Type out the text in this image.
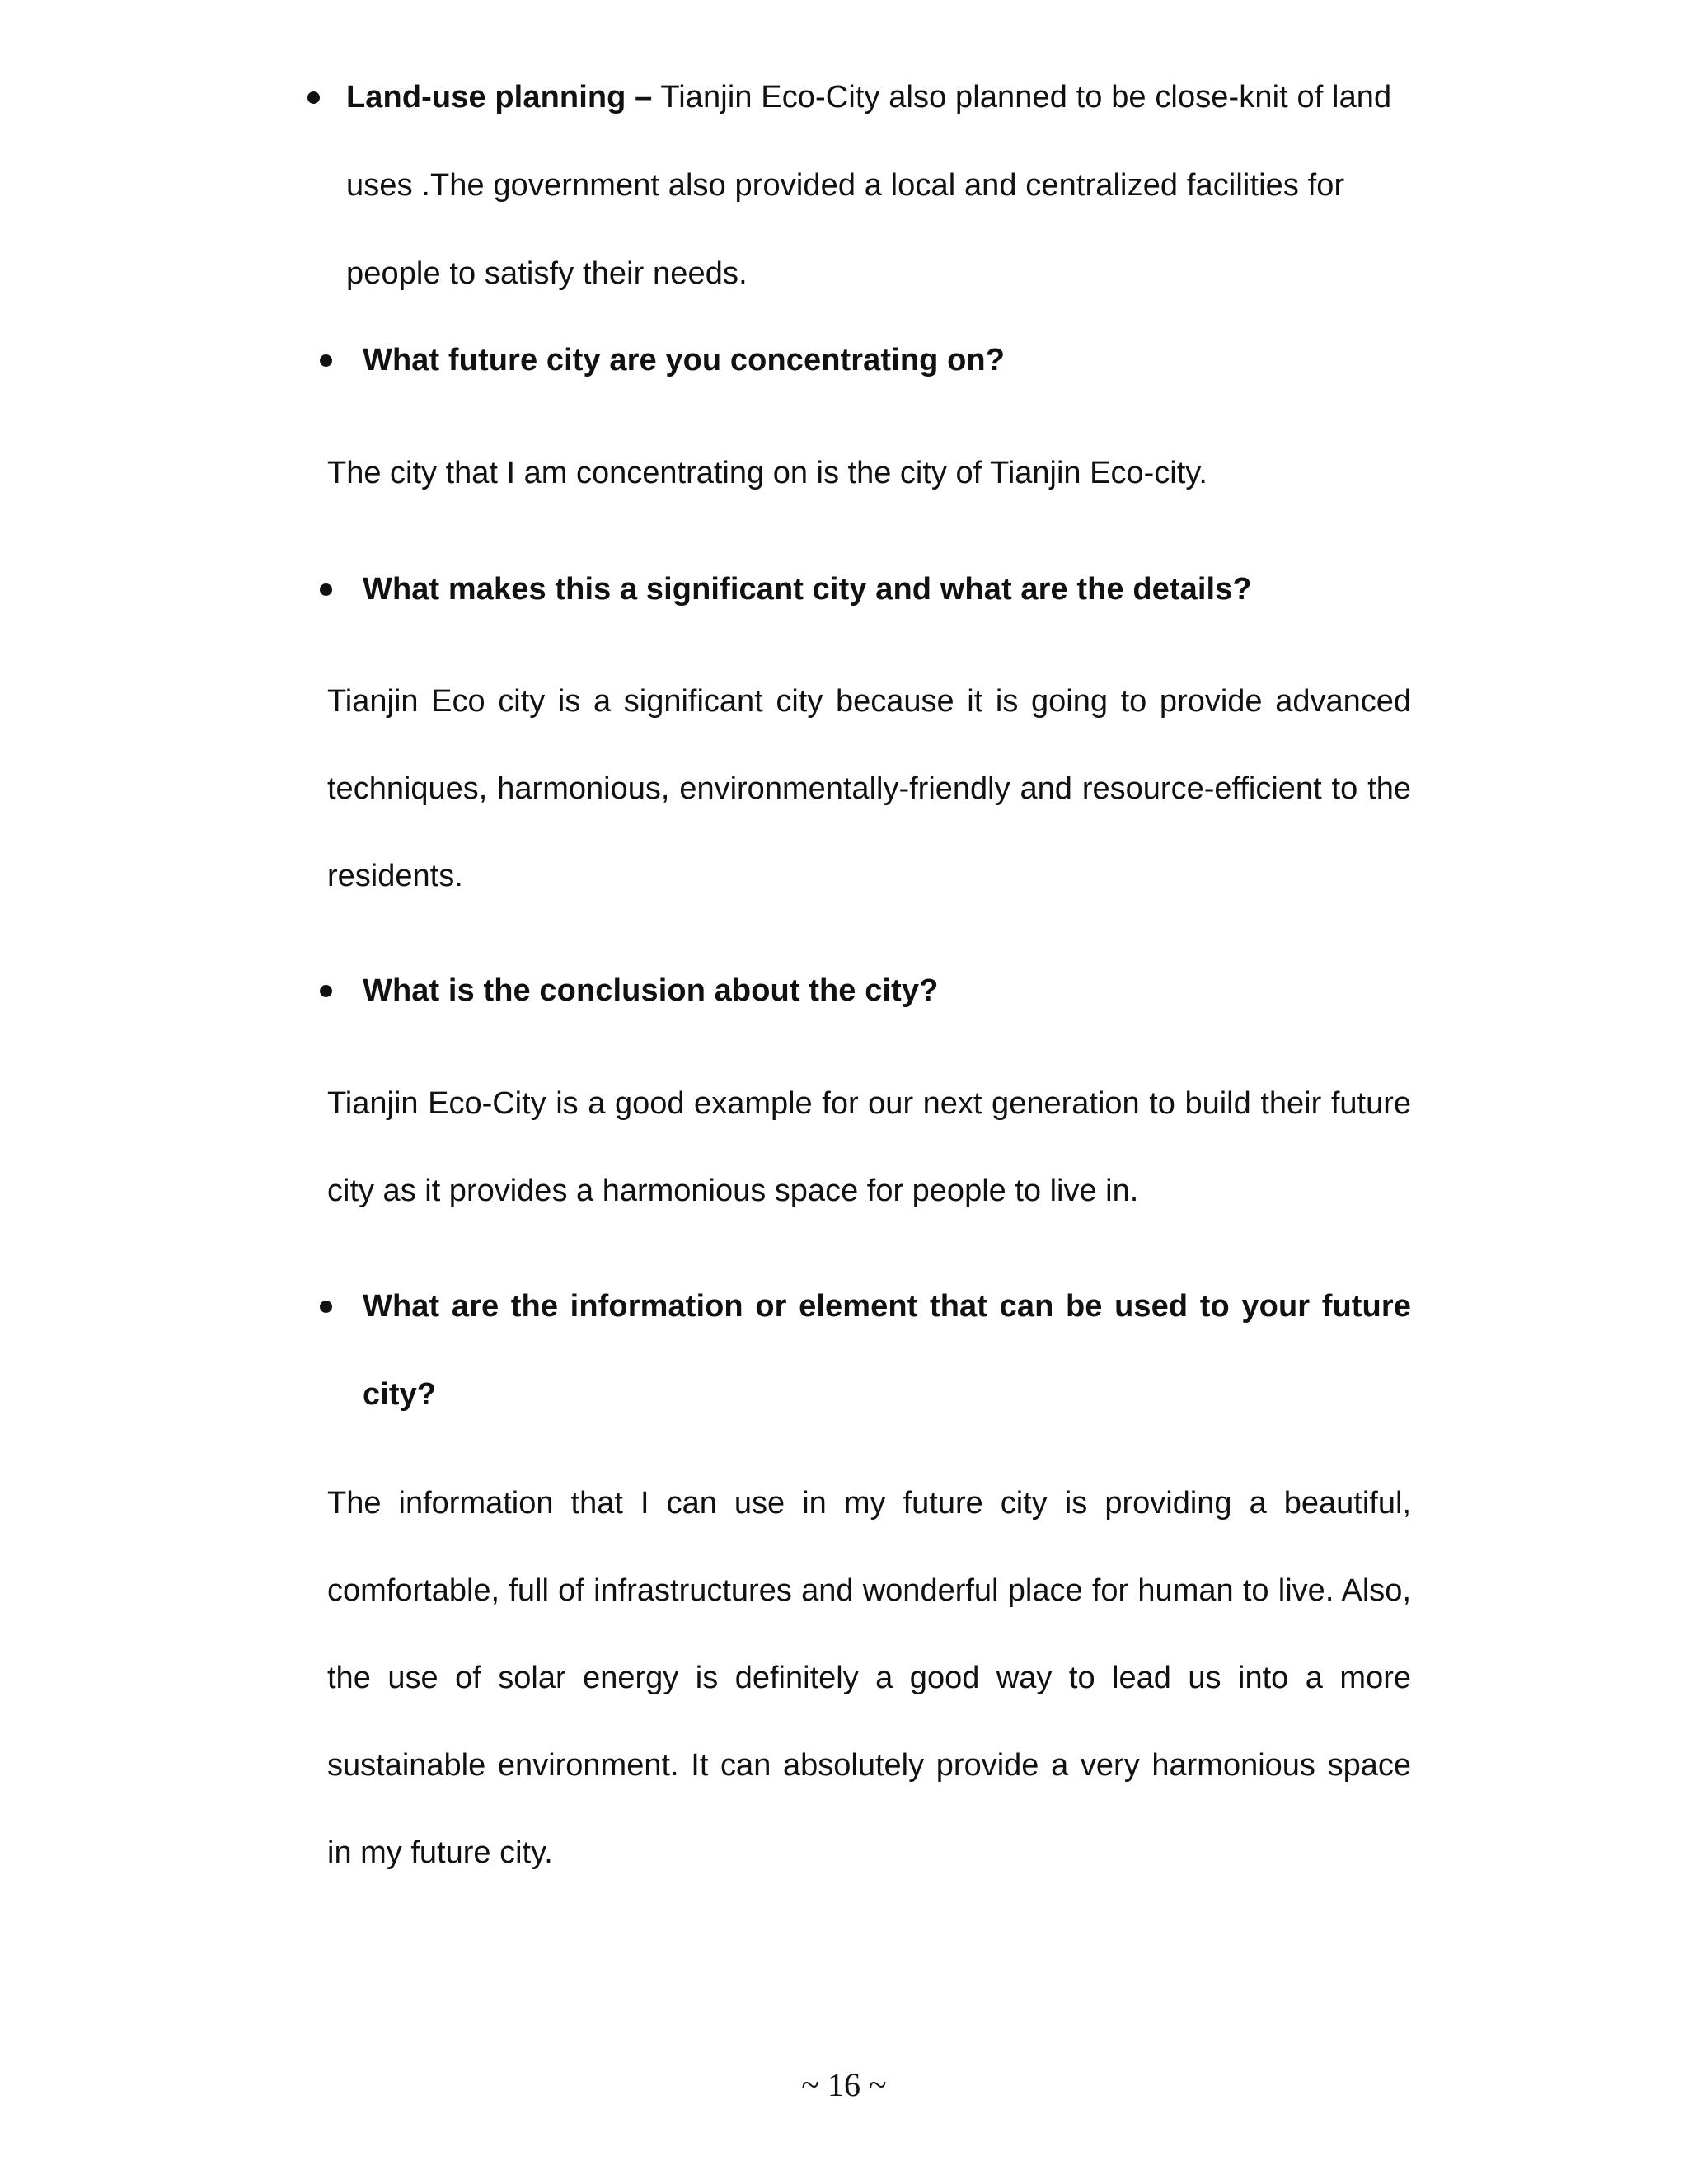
Land-use planning – Tianjin Eco-City also planned to be close-knit of land uses .The government also provided a local and centralized facilities for people to satisfy their needs.
What future city are you concentrating on?
The city that I am concentrating on is the city of Tianjin Eco-city.
What makes this a significant city and what are the details?
Tianjin Eco city is a significant city because it is going to provide advanced techniques, harmonious, environmentally-friendly and resource-efficient to the residents.
What is the conclusion about the city?
Tianjin Eco-City is a good example for our next generation to build their future city as it provides a harmonious space for people to live in.
What are the information or element that can be used to your future city?
The information that I can use in my future city is providing a beautiful, comfortable, full of infrastructures and wonderful place for human to live. Also, the use of solar energy is definitely a good way to lead us into a more sustainable environment. It can absolutely provide a very harmonious space in my future city.
~ 16 ~
